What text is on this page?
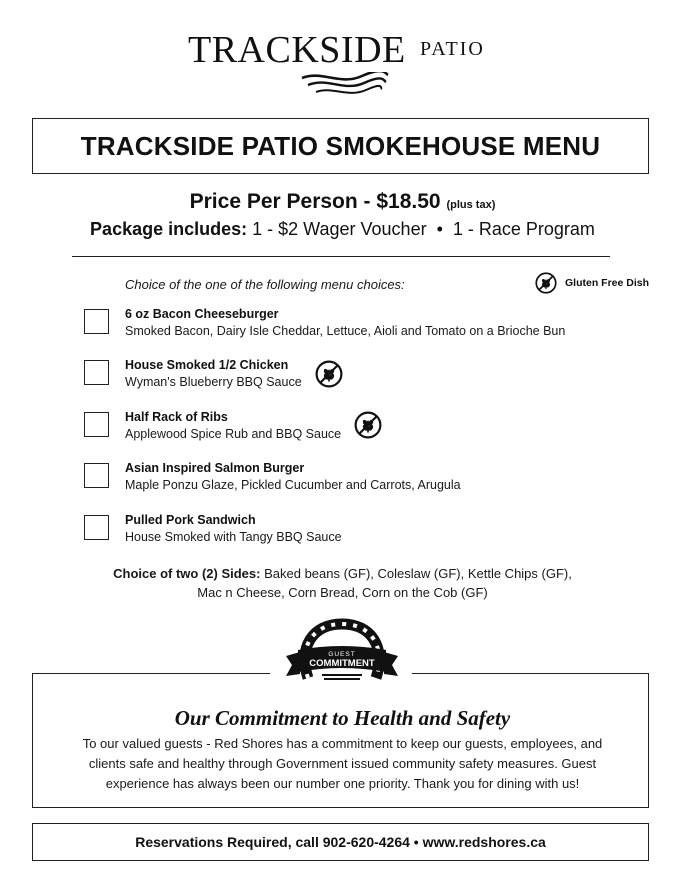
TRACKSIDE PATIO
TRACKSIDE PATIO SMOKEHOUSE MENU
Price Per Person - $18.50 (plus tax)
Package includes: 1 - $2 Wager Voucher  •  1 - Race Program
Choice of the one of the following menu choices:	Gluten Free Dish
6 oz Bacon Cheeseburger
Smoked Bacon, Dairy Isle Cheddar, Lettuce, Aioli and Tomato on a Brioche Bun
House Smoked 1/2 Chicken
Wyman's Blueberry BBQ Sauce
Half Rack of Ribs
Applewood Spice Rub and BBQ Sauce
Asian Inspired Salmon Burger
Maple Ponzu Glaze, Pickled Cucumber and Carrots, Arugula
Pulled Pork Sandwich
House Smoked with Tangy BBQ Sauce
Choice of two (2) Sides: Baked beans (GF), Coleslaw (GF), Kettle Chips (GF),
Mac n Cheese, Corn Bread, Corn on the Cob (GF)
GUEST
COMMITMENT
Our Commitment to Health and Safety
To our valued guests - Red Shores has a commitment to keep our guests, employees, and
clients safe and healthy through Government issued community safety measures. Guest
experience has always been our number one priority. Thank you for dining with us!
Reservations Required, call 902-620-4264 • www.redshores.ca
